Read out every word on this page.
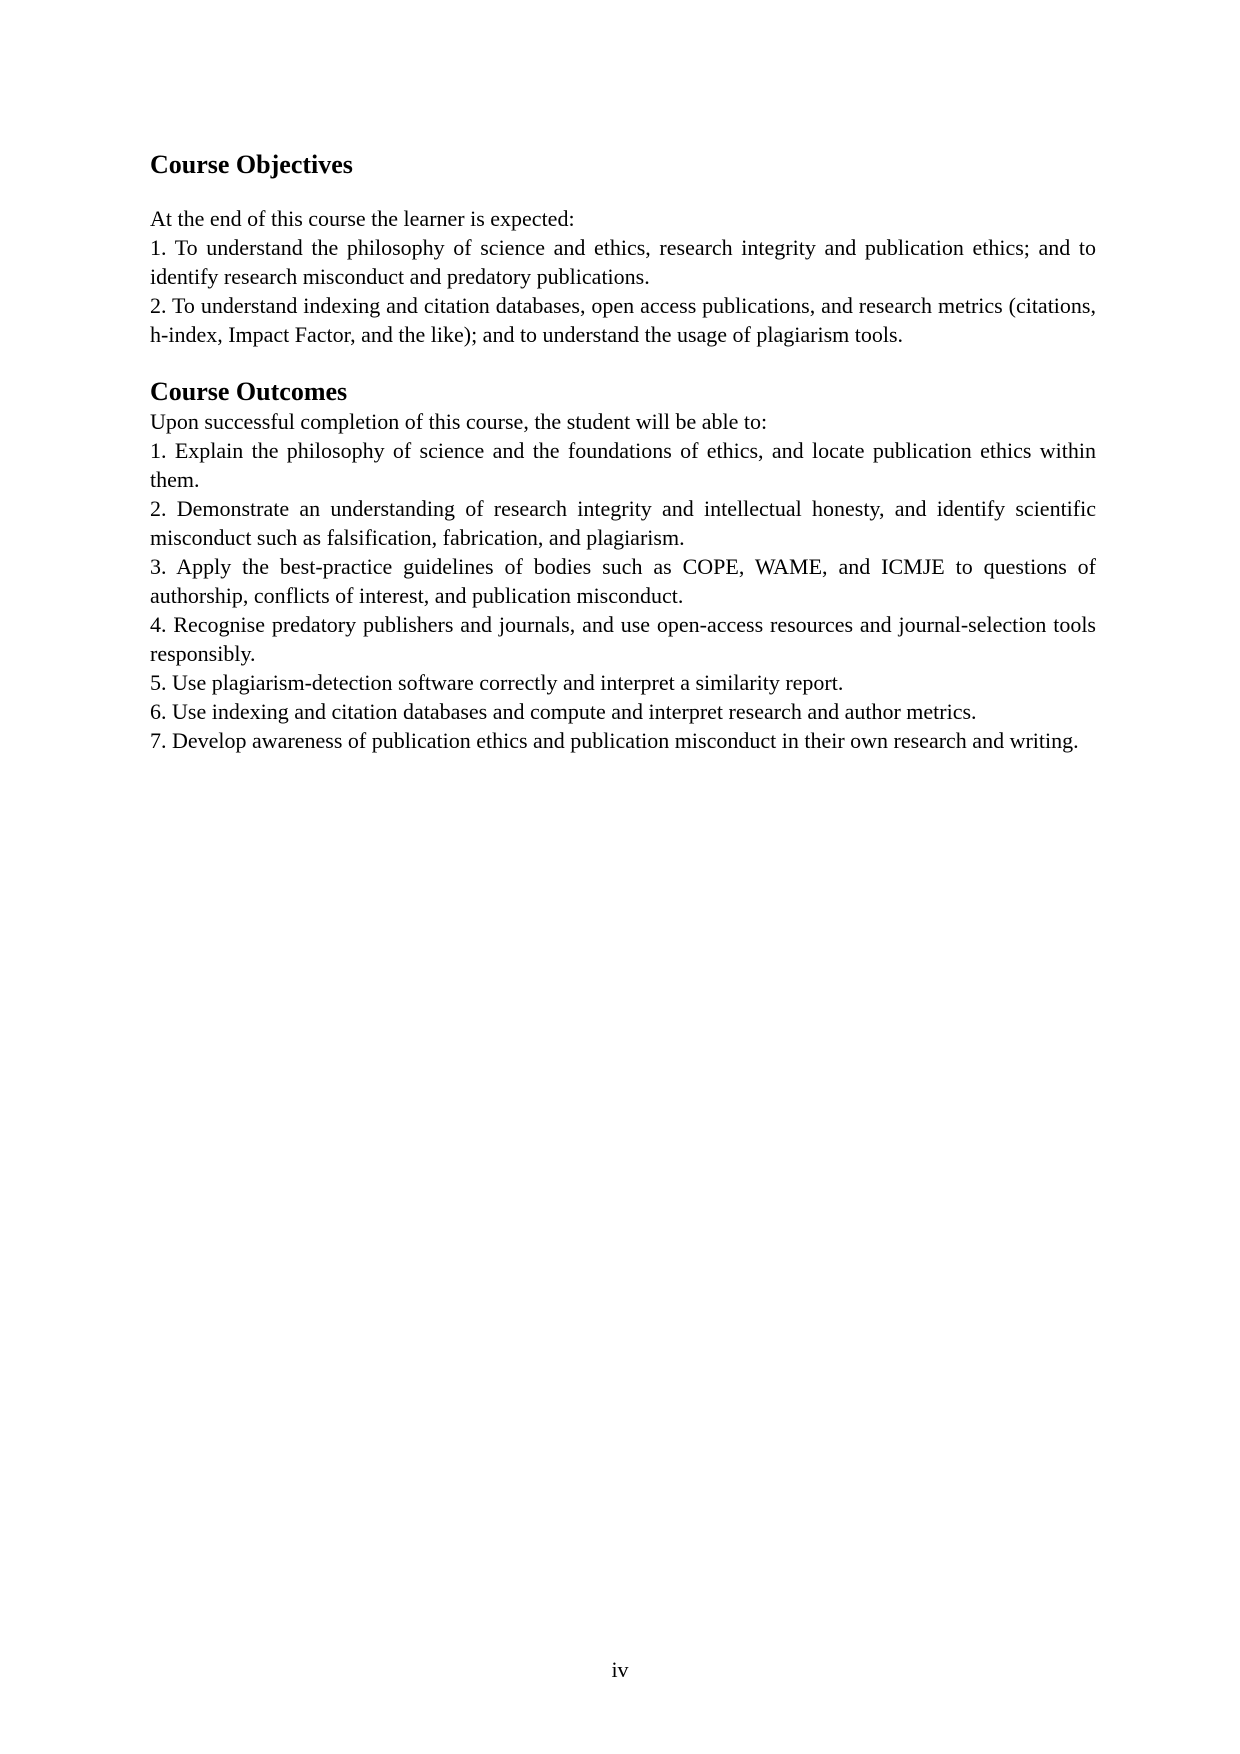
Course Objectives

At the end of this course the learner is expected:

1. To understand the philosophy of science and ethics, research integrity and publication ethics; and to identify research misconduct and predatory publications.
2. To understand indexing and citation databases, open access publications, and research metrics (citations, h-index, Impact Factor, and the like); and to understand the usage of plagiarism tools.
Course Outcomes

Upon successful completion of this course, the student will be able to:

1. Explain the philosophy of science and the foundations of ethics, and locate publication ethics within them.
2. Demonstrate an understanding of research integrity and intellectual honesty, and identify scientific misconduct such as falsification, fabrication, and plagiarism.
3. Apply the best-practice guidelines of bodies such as COPE, WAME, and ICMJE to questions of authorship, conflicts of interest, and publication misconduct.
4. Recognise predatory publishers and journals, and use open-access resources and journal-selection tools responsibly.
5. Use plagiarism-detection software correctly and interpret a similarity report.
6. Use indexing and citation databases and compute and interpret research and author metrics.
7. Develop awareness of publication ethics and publication misconduct in their own research and writing.
iv
